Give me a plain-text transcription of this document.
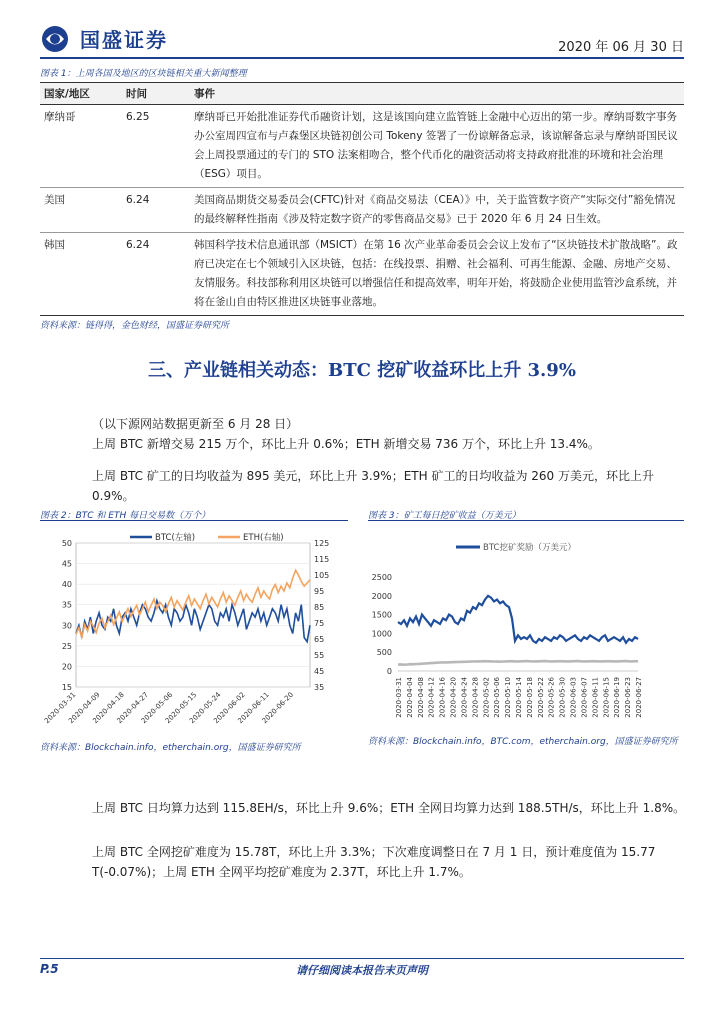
国盛证券	2020 年 06 月 30 日
图表 1：上周各国及地区的区块链相关重大新闻整理
国家/地区	时间	事件
摩纳哥	6.25	摩纳哥已开始批准证券代币融资计划，这是该国向建立监管链上金融中心迈出的第一步。摩纳哥数字事务办公室周四宣布与卢森堡区块链初创公司 Tokeny 签署了一份谅解备忘录，该谅解备忘录与摩纳哥国民议会上周投票通过的专门的 STO 法案相吻合，整个代币化的融资活动将支持政府批准的环境和社会治理（ESG）项目。
美国	6.24	美国商品期货交易委员会(CFTC)针对《商品交易法（CEA）》中，关于监管数字资产“实际交付”豁免情况的最终解释性指南《涉及特定数字资产的零售商品交易》已于 2020 年 6 月 24 日生效。
韩国	6.24	韩国科学技术信息通讯部（MSICT）在第 16 次产业革命委员会会议上发布了“区块链技术扩散战略”。政府已决定在七个领域引入区块链，包括：在线投票、捐赠、社会福利、可再生能源、金融、房地产交易、友情服务。科技部称利用区块链可以增强信任和提高效率，明年开始，将鼓励企业使用监管沙盒系统，并将在釜山自由特区推进区块链事业落地。
资料来源：链得得，金色财经，国盛证券研究所
三、产业链相关动态：BTC 挖矿收益环比上升 3.9%
（以下源网站数据更新至 6 月 28 日）
上周 BTC 新增交易 215 万个，环比上升 0.6%；ETH 新增交易 736 万个，环比上升 13.4%。
上周 BTC 矿工的日均收益为 895 美元，环比上升 3.9%；ETH 矿工的日均收益为 260 万美元，环比上升 0.9%。
图表 2：BTC 和 ETH 每日交易数（万个）
15
20
25
30
35
40
45
50
35
45
55
65
75
85
95
105
115
125
2020-03-31
2020-04-09
2020-04-18
2020-04-27
2020-05-06
2020-05-15
2020-05-24
2020-06-02
2020-06-11
2020-06-20
BTC(左轴)	ETH(右轴)
资料来源：Blockchain.info，etherchain.org，国盛证券研究所
图表 3：矿工每日挖矿收益（万美元）
0
500
1000
1500
2000
2500
2020-03-31 2020-04-04 2020-04-08 2020-04-12 2020-04-16 2020-04-20 2020-04-24 2020-04-28 2020-05-02 2020-05-06 2020-05-10 2020-05-14 2020-05-18 2020-05-22 2020-05-26 2020-05-30 2020-06-03 2020-06-07 2020-06-11 2020-06-15 2020-06-19 2020-06-23 2020-06-27
BTC挖矿奖励（万美元）
资料来源：Blockchain.info，BTC.com，etherchain.org，国盛证券研究所
上周 BTC 日均算力达到 115.8EH/s，环比上升 9.6%；ETH 全网日均算力达到 188.5TH/s，环比上升 1.8%。
上周 BTC 全网挖矿难度为 15.78T，环比上升 3.3%；下次难度调整日在 7 月 1 日，预计难度值为 15.77 T(-0.07%)；上周 ETH 全网平均挖矿难度为 2.37T，环比上升 1.7%。
P.5	请仔细阅读本报告末页声明
